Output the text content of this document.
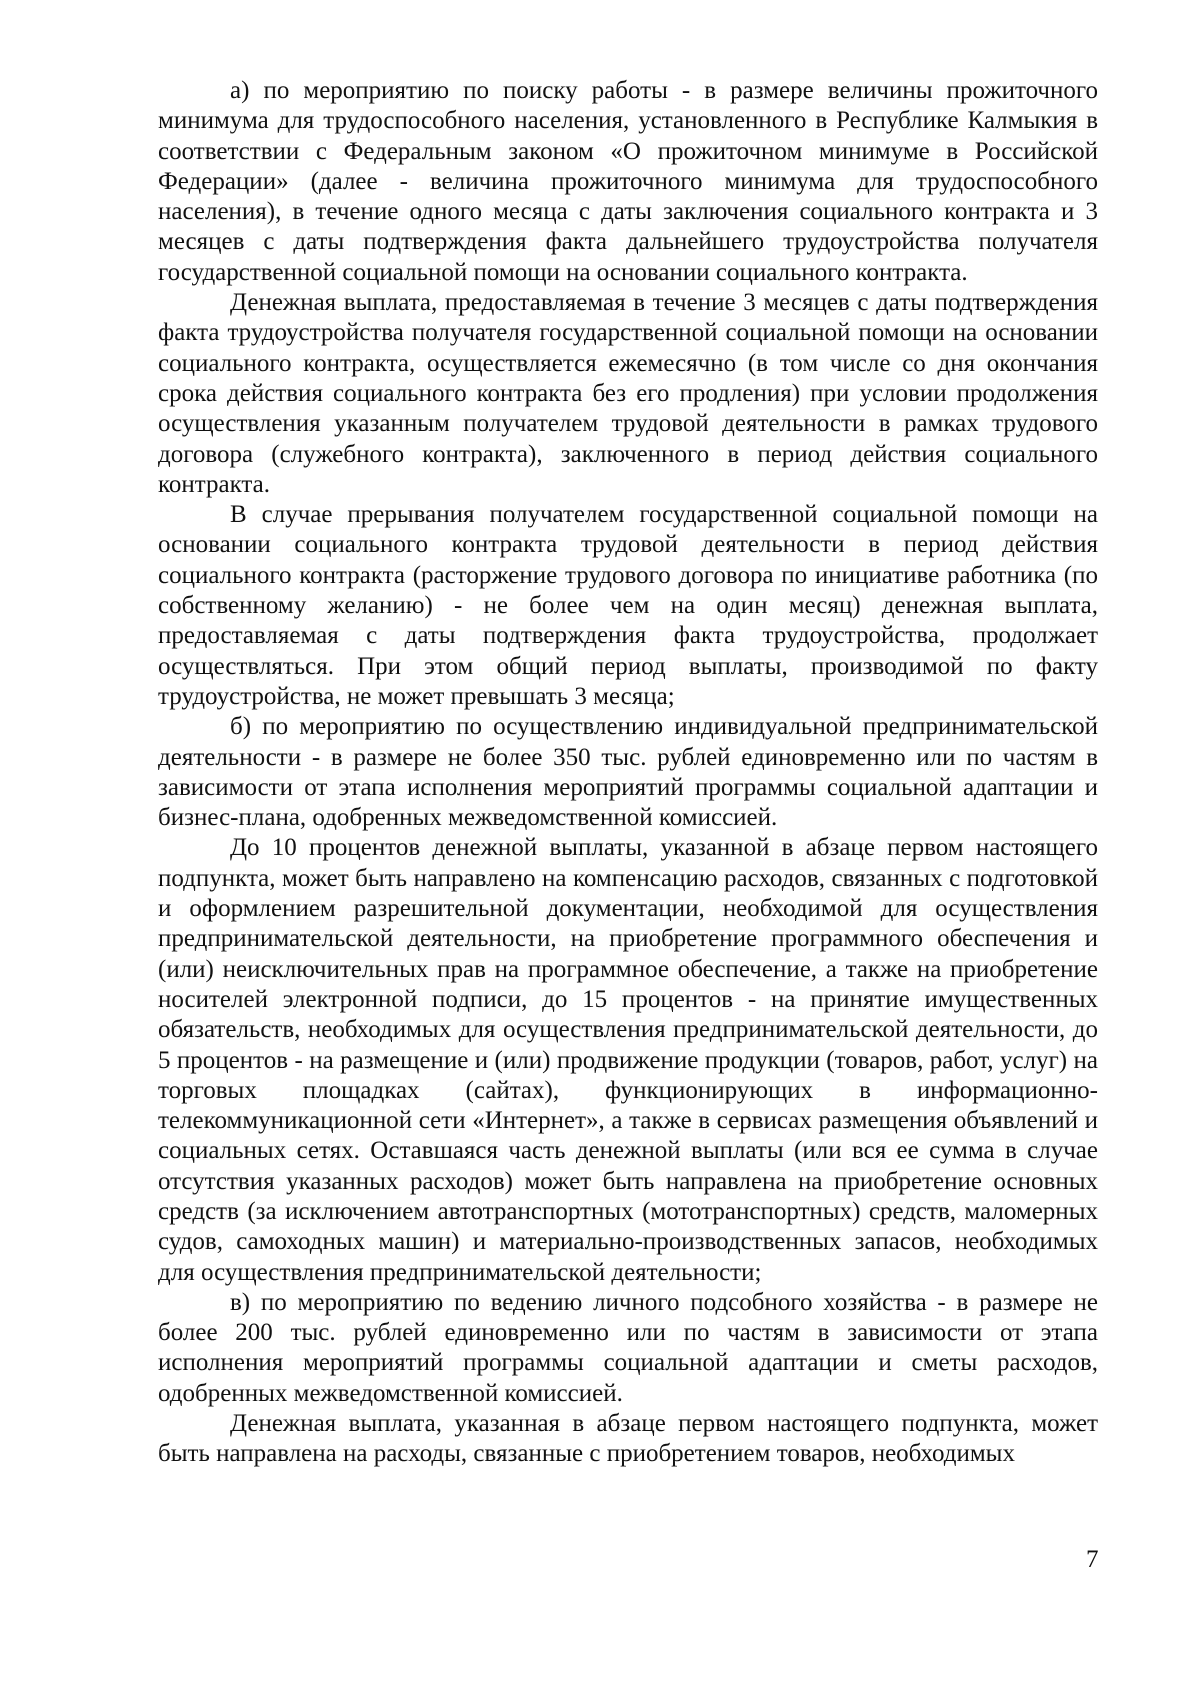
а) по мероприятию по поиску работы - в размере величины прожиточного минимума для трудоспособного населения, установленного в Республике Калмыкия в соответствии с Федеральным законом «О прожиточном минимуме в Российской Федерации» (далее - величина прожиточного минимума для трудоспособного населения), в течение одного месяца с даты заключения социального контракта и 3 месяцев с даты подтверждения факта дальнейшего трудоустройства получателя государственной социальной помощи на основании социального контракта.

Денежная выплата, предоставляемая в течение 3 месяцев с даты подтверждения факта трудоустройства получателя государственной социальной помощи на основании социального контракта, осуществляется ежемесячно (в том числе со дня окончания срока действия социального контракта без его продления) при условии продолжения осуществления указанным получателем трудовой деятельности в рамках трудового договора (служебного контракта), заключенного в период действия социального контракта.

В случае прерывания получателем государственной социальной помощи на основании социального контракта трудовой деятельности в период действия социального контракта (расторжение трудового договора по инициативе работника (по собственному желанию) - не более чем на один месяц) денежная выплата, предоставляемая с даты подтверждения факта трудоустройства, продолжает осуществляться. При этом общий период выплаты, производимой по факту трудоустройства, не может превышать 3 месяца;

б) по мероприятию по осуществлению индивидуальной предпринимательской деятельности - в размере не более 350 тыс. рублей единовременно или по частям в зависимости от этапа исполнения мероприятий программы социальной адаптации и бизнес-плана, одобренных межведомственной комиссией.

До 10 процентов денежной выплаты, указанной в абзаце первом настоящего подпункта, может быть направлено на компенсацию расходов, связанных с подготовкой и оформлением разрешительной документации, необходимой для осуществления предпринимательской деятельности, на приобретение программного обеспечения и (или) неисключительных прав на программное обеспечение, а также на приобретение носителей электронной подписи, до 15 процентов - на принятие имущественных обязательств, необходимых для осуществления предпринимательской деятельности, до 5 процентов - на размещение и (или) продвижение продукции (товаров, работ, услуг) на торговых площадках (сайтах), функционирующих в информационно-телекоммуникационной сети «Интернет», а также в сервисах размещения объявлений и социальных сетях. Оставшаяся часть денежной выплаты (или вся ее сумма в случае отсутствия указанных расходов) может быть направлена на приобретение основных средств (за исключением автотранспортных (мототранспортных) средств, маломерных судов, самоходных машин) и материально-производственных запасов, необходимых для осуществления предпринимательской деятельности;

в) по мероприятию по ведению личного подсобного хозяйства - в размере не более 200 тыс. рублей единовременно или по частям в зависимости от этапа исполнения мероприятий программы социальной адаптации и сметы расходов, одобренных межведомственной комиссией.

Денежная выплата, указанная в абзаце первом настоящего подпункта, может быть направлена на расходы, связанные с приобретением товаров, необходимых

7
